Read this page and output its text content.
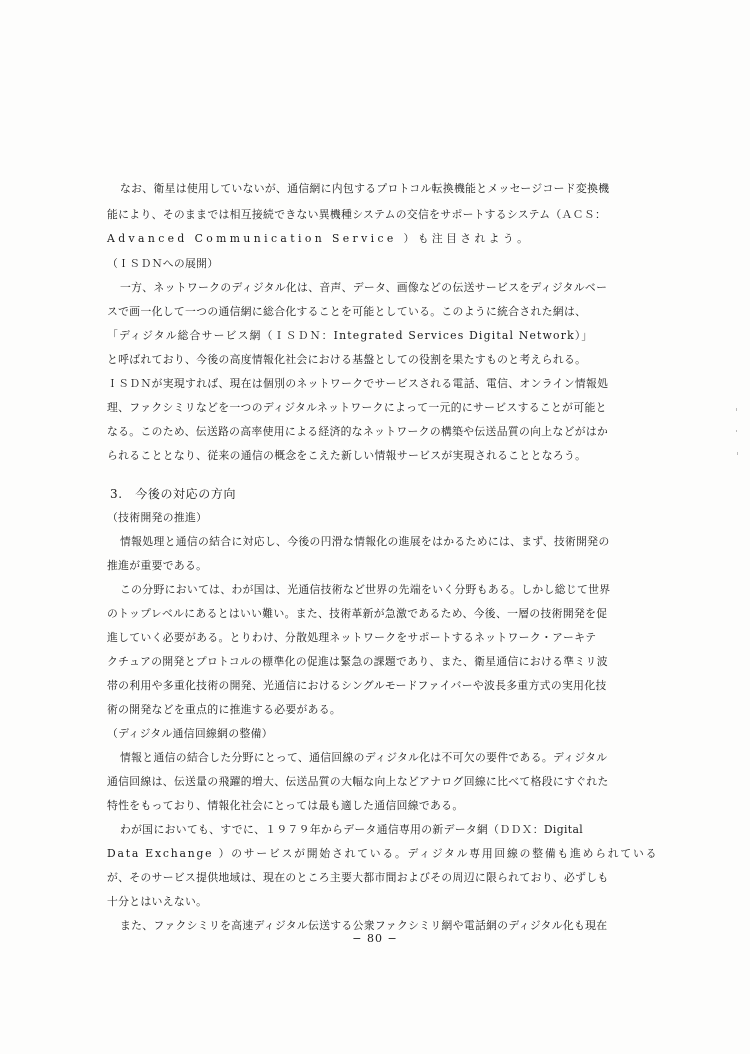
なお、衛星は使用していないが、通信網に内包するプロトコル転換機能とメッセージコード変換機
能により、そのままでは相互接続できない異機種システムの交信をサポートするシステム（ＡＣＳ：
Advanced Communication Service ）も注目されよう。
（ＩＳＤＮへの展開）
一方、ネットワークのディジタル化は、音声、データ、画像などの伝送サービスをディジタルベー
スで画一化して一つの通信網に総合化することを可能としている。このように統合された網は、
「ディジタル総合サービス網（ＩＳＤＮ：Integrated Services Digital Network）」
と呼ばれており、今後の高度情報化社会における基盤としての役割を果たすものと考えられる。
ＩＳＤＮが実現すれば、現在は個別のネットワークでサービスされる電話、電信、オンライン情報処
理、ファクシミリなどを一つのディジタルネットワークによって一元的にサービスすることが可能と
なる。このため、伝送路の高率使用による経済的なネットワークの構築や伝送品質の向上などがはか
られることとなり、従来の通信の概念をこえた新しい情報サービスが実現されることとなろう。
3.　今後の対応の方向
（技術開発の推進）
情報処理と通信の結合に対応し、今後の円滑な情報化の進展をはかるためには、まず、技術開発の
推進が重要である。
この分野においては、わが国は、光通信技術など世界の先端をいく分野もある。しかし総じて世界
のトップレベルにあるとはいい難い。また、技術革新が急激であるため、今後、一層の技術開発を促
進していく必要がある。とりわけ、分散処理ネットワークをサポートするネットワーク・アーキテ
クチュアの開発とプロトコルの標準化の促進は緊急の課題であり、また、衛星通信における準ミリ波
帯の利用や多重化技術の開発、光通信におけるシングルモードファイバーや波長多重方式の実用化技
術の開発などを重点的に推進する必要がある。
（ディジタル通信回線網の整備）
情報と通信の結合した分野にとって、通信回線のディジタル化は不可欠の要件である。ディジタル
通信回線は、伝送量の飛躍的増大、伝送品質の大幅な向上などアナログ回線に比べて格段にすぐれた
特性をもっており、情報化社会にとっては最も適した通信回線である。
わが国においても、すでに、１９７９年からデータ通信専用の新データ網（ＤＤＸ：Digital
Data Exchange ）のサービスが開始されている。ディジタル専用回線の整備も進められている
が、そのサービス提供地域は、現在のところ主要大都市間およびその周辺に限られており、必ずしも
十分とはいえない。
また、ファクシミリを高速ディジタル伝送する公衆ファクシミリ網や電話網のディジタル化も現在
− 80 −
